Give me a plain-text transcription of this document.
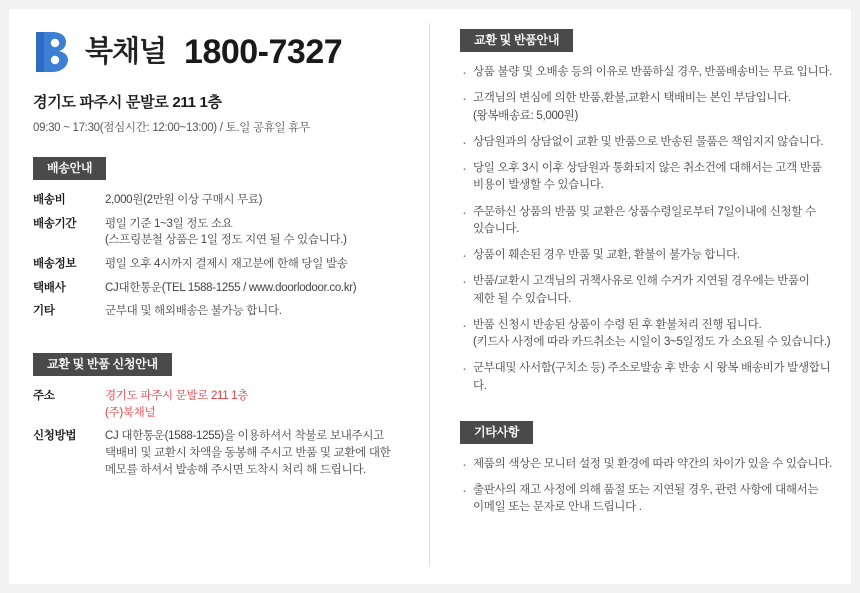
북채널 1800-7327
경기도 파주시 문발로 211 1층
09:30 ~ 17:30(점심시간: 12:00~13:00) / 토.일 공휴일 휴무
배송안내
배송비	2,000원(2만원 이상 구매시 무료)
배송기간	평일 기준 1~3일 정도 소요
(스프링분철 상품은 1일 정도 지연 될 수 있습니다.)

배송정보	평일 오후 4시까지 결제시 재고분에 한해 당일 발송
택배사	CJ대한통운(TEL 1588-1255 / www.doorlodoor.co.kr)
기타	군부대 및 해외배송은 불가능 합니다.
교환 및 반품 신청안내
주소	경기도 파주시 문발로 211 1층
(주)북채널

신청방법	CJ 대한통운(1588-1255)을 이용하셔서 착불로 보내주시고
택배비 및 교환시 차액을 동봉해 주시고 반품 및 교환에 대한
메모를 하셔서 발송해 주시면 도착시 처리 해 드립니다.
교환 및 반품안내
· 상품 불량 및 오배송 등의 이유로 반품하실 경우, 반품배송비는 무료 입니다.
· 고객님의 변심에 의한 반품,환불,교환시 택배비는 본인 부담입니다.
(왕복배송료: 5,000원)
· 상담원과의 상담없이 교환 및 반품으로 반송된 물품은 책임지지 않습니다.
· 당일 오후 3시 이후 상담원과 통화되지 않은 취소건에 대해서는 고객 반품
비용이 발생할 수 있습니다.
· 주문하신 상품의 반품 및 교환은 상품수령일로부터 7일이내에 신청할 수
있습니다.
· 상품이 훼손된 경우 반품 및 교환, 환불이 불가능 합니다.
· 반품/교환시 고객님의 귀책사유로 인해 수거가 지연될 경우에는 반품이
제한 될 수 있습니다.
· 반품 신청시 반송된 상품이 수령 된 후 환불처리 진행 됩니다.
(키드사 사정에 따라 카드취소는 시일이 3~5일정도 가 소요될 수 있습니다.)
· 군부대및 사서함(구치소 등) 주소로발송 후 반송 시 왕복 배송비가 발생합니다.
기타사항
· 제품의 색상은 모니터 설정 및 환경에 따라 약간의 차이가 있을 수 있습니다.
· 출판사의 재고 사정에 의해 품절 또는 지연될 경우, 관련 사항에 대해서는
이메일 또는 문자로 안내 드립니다 .
